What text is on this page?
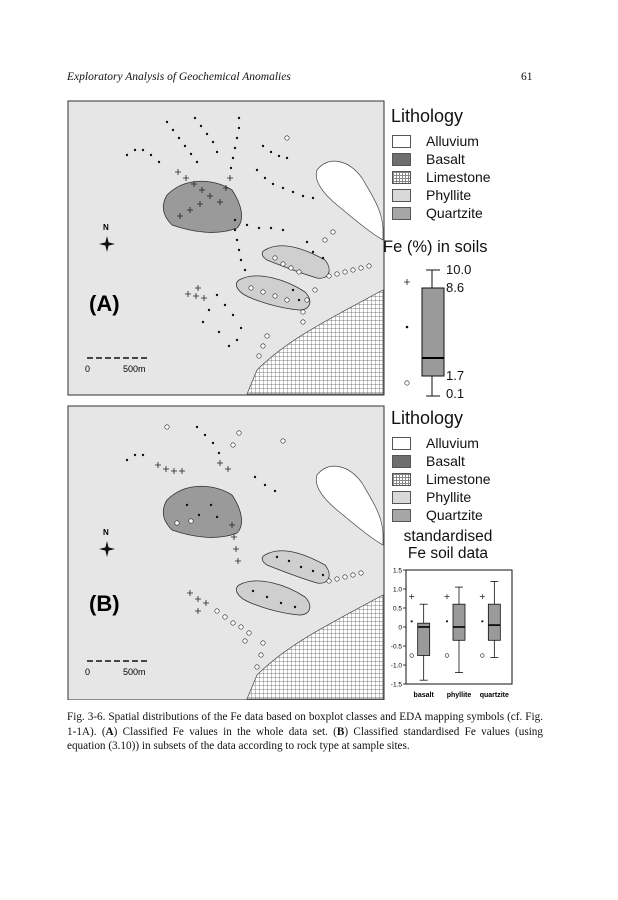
Exploratory Analysis of Geochemical Anomalies	61
N
(A)
0	500m
N
(B)
0	500m
Lithology
Alluvium
Basalt
Limestone
Phyllite
Quartzite
Fe (%) in soils
10.0
8.6
1.7
0.1
Lithology
Alluvium
Basalt
Limestone
Phyllite
Quartzite
standardised
Fe soil data
1.5
1.0
0.5
0
-0.5
-1.0
-1.5
basalt phyllite quartzite
Fig. 3-6. Spatial distributions of the Fe data based on boxplot classes and EDA mapping symbols (cf. Fig. 1-1A). (A) Classified Fe values in the whole data set. (B) Classified standardised Fe values (using equation (3.10)) in subsets of the data according to rock type at sample sites.
